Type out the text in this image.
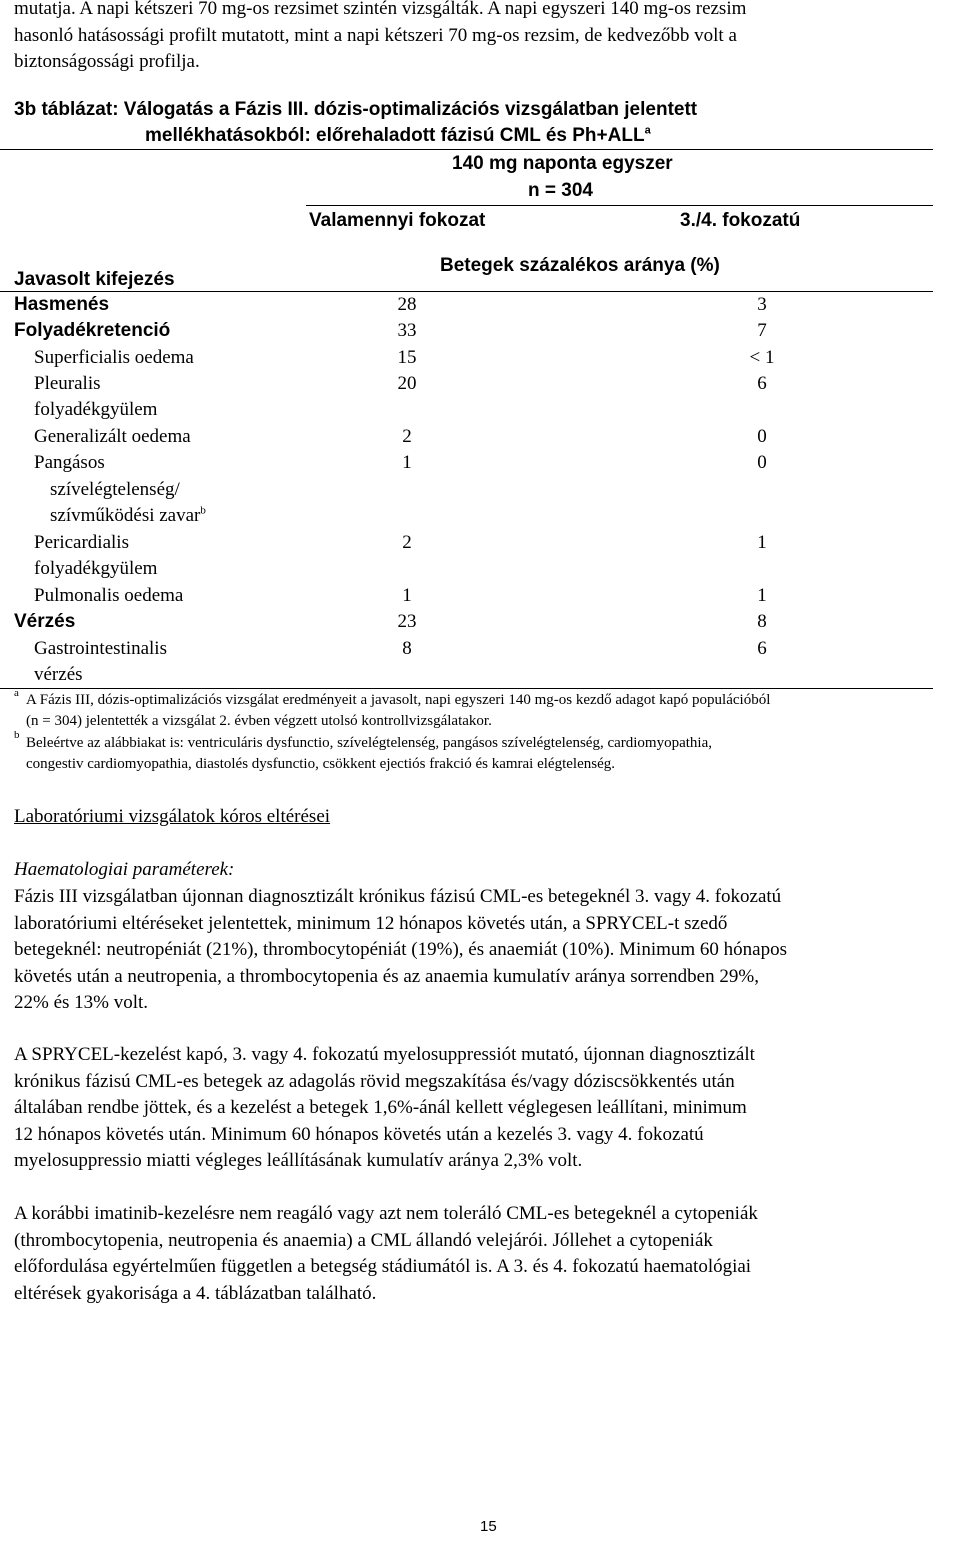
mutatja. A napi kétszeri 70 mg-os rezsimet szintén vizsgálták. A napi egyszeri 140 mg-os rezsim
hasonló hatásossági profilt mutatott, mint a napi kétszeri 70 mg-os rezsim, de kedvezőbb volt a
biztonságossági profilja.
3b táblázat: Válogatás a Fázis III. dózis-optimalizációs vizsgálatban jelentett
mellékhatásokból: előrehaladott fázisú CML és $Ph+ALL^a$
140 mg naponta egyszer
n = 304
Valamennyi fokozat	3./4. fokozatú
Betegek százalékos aránya (%)
Javasolt kifejezés
Hasmenés	28	3
Folyadékretenció	33	7
Superficialis oedema	15	< 1
Pleuralis	20	6
folyadékgyülem
Generalizált oedema	2	0
Pangásos	1	0
szívelégtelenség/
szívműködési zavar$^b$
Pericardialis	2	1
folyadékgyülem
Pulmonalis oedema	1	1
Vérzés	23	8
Gastrointestinalis	8	6
vérzés
$^a$ A Fázis III, dózis-optimalizációs vizsgálat eredményeit a javasolt, napi egyszeri 140 mg-os kezdő adagot kapó populációból
(n = 304) jelentették a vizsgálat 2. évben végzett utolsó kontrollvizsgálatakor.
$^b$ Beleértve az alábbiakat is: ventriculáris dysfunctio, szívelégtelenség, pangásos szívelégtelenség, cardiomyopathia,
congestiv cardiomyopathia, diastolés dysfunctio, csökkent ejectiós frakció és kamrai elégtelenség.
Laboratóriumi vizsgálatok kóros eltérései
Haematologiai paraméterek:
Fázis III vizsgálatban újonnan diagnosztizált krónikus fázisú CML-es betegeknél 3. vagy 4. fokozatú
laboratóriumi eltéréseket jelentettek, minimum 12 hónapos követés után, a SPRYCEL-t szedő
betegeknél: neutropéniát (21%), thrombocytopéniát (19%), és anaemiát (10%). Minimum 60 hónapos
követés után a neutropenia, a thrombocytopenia és az anaemia kumulatív aránya sorrendben 29%,
22% és 13% volt.
A SPRYCEL-kezelést kapó, 3. vagy 4. fokozatú myelosuppressiót mutató, újonnan diagnosztizált
krónikus fázisú CML-es betegek az adagolás rövid megszakítása és/vagy dóziscsökkentés után
általában rendbe jöttek, és a kezelést a betegek 1,6%-ánál kellett véglegesen leállítani, minimum
12 hónapos követés után. Minimum 60 hónapos követés után a kezelés 3. vagy 4. fokozatú
myelosuppressio miatti végleges leállításának kumulatív aránya 2,3% volt.
A korábbi imatinib-kezelésre nem reagáló vagy azt nem toleráló CML-es betegeknél a cytopeniák
(thrombocytopenia, neutropenia és anaemia) a CML állandó velejárói. Jóllehet a cytopeniák
előfordulása egyértelműen független a betegség stádiumától is. A 3. és 4. fokozatú haematológiai
eltérések gyakorisága a 4. táblázatban található.
15
